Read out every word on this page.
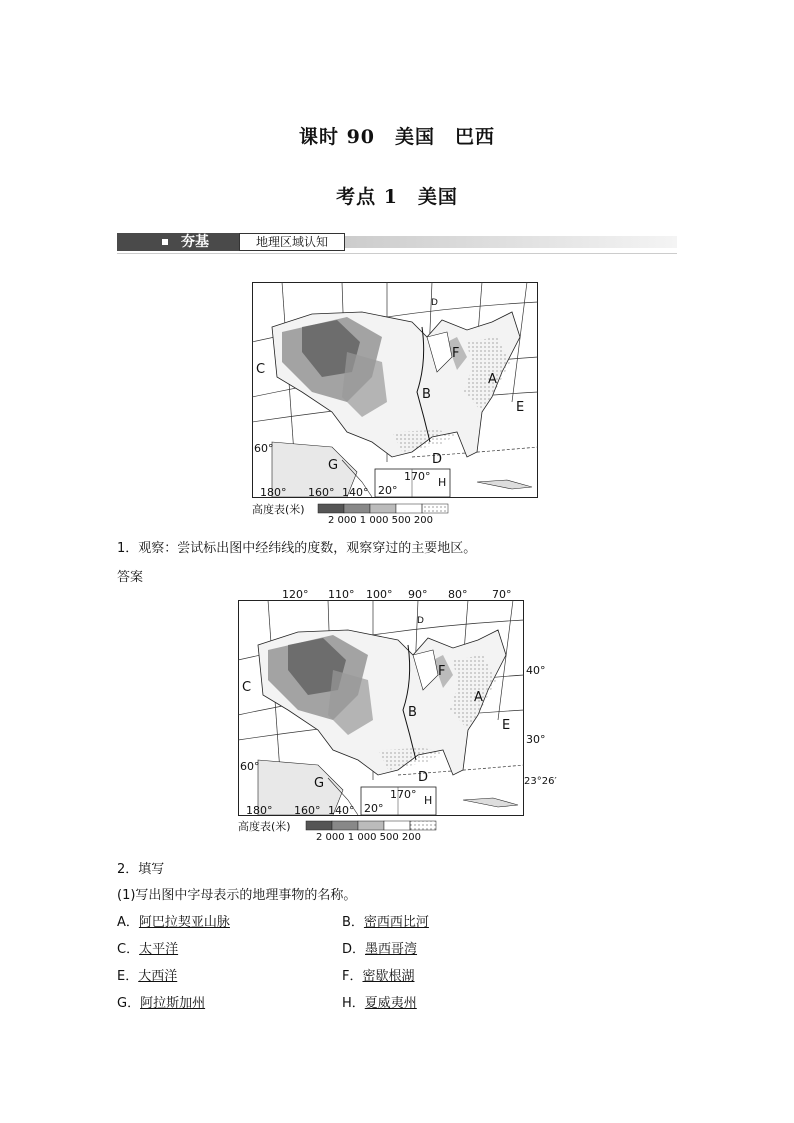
课时 90　美国　巴西
考点 1　美国
夯基	地理区域认知
C
A
F
B
E
D
G
H
D
60°
170°
20°
180° 160° 140°
高度表(米)
2 000 1 000 500 200
1．观察：尝试标出图中经纬线的度数，观察穿过的主要地区。
答案
120° 110° 100° 90° 80° 70°
40°
30°
23°26′
C
A
F
B
E
D
G
H
D
60°
170°
20°
180° 160° 140°
高度表(米)
2 000 1 000 500 200
2．填写
(1)写出图中字母表示的地理事物的名称。
A．阿巴拉契亚山脉	B．密西西比河
C．太平洋	D．墨西哥湾
E．大西洋	F．密歇根湖
G．阿拉斯加州	H．夏威夷州
